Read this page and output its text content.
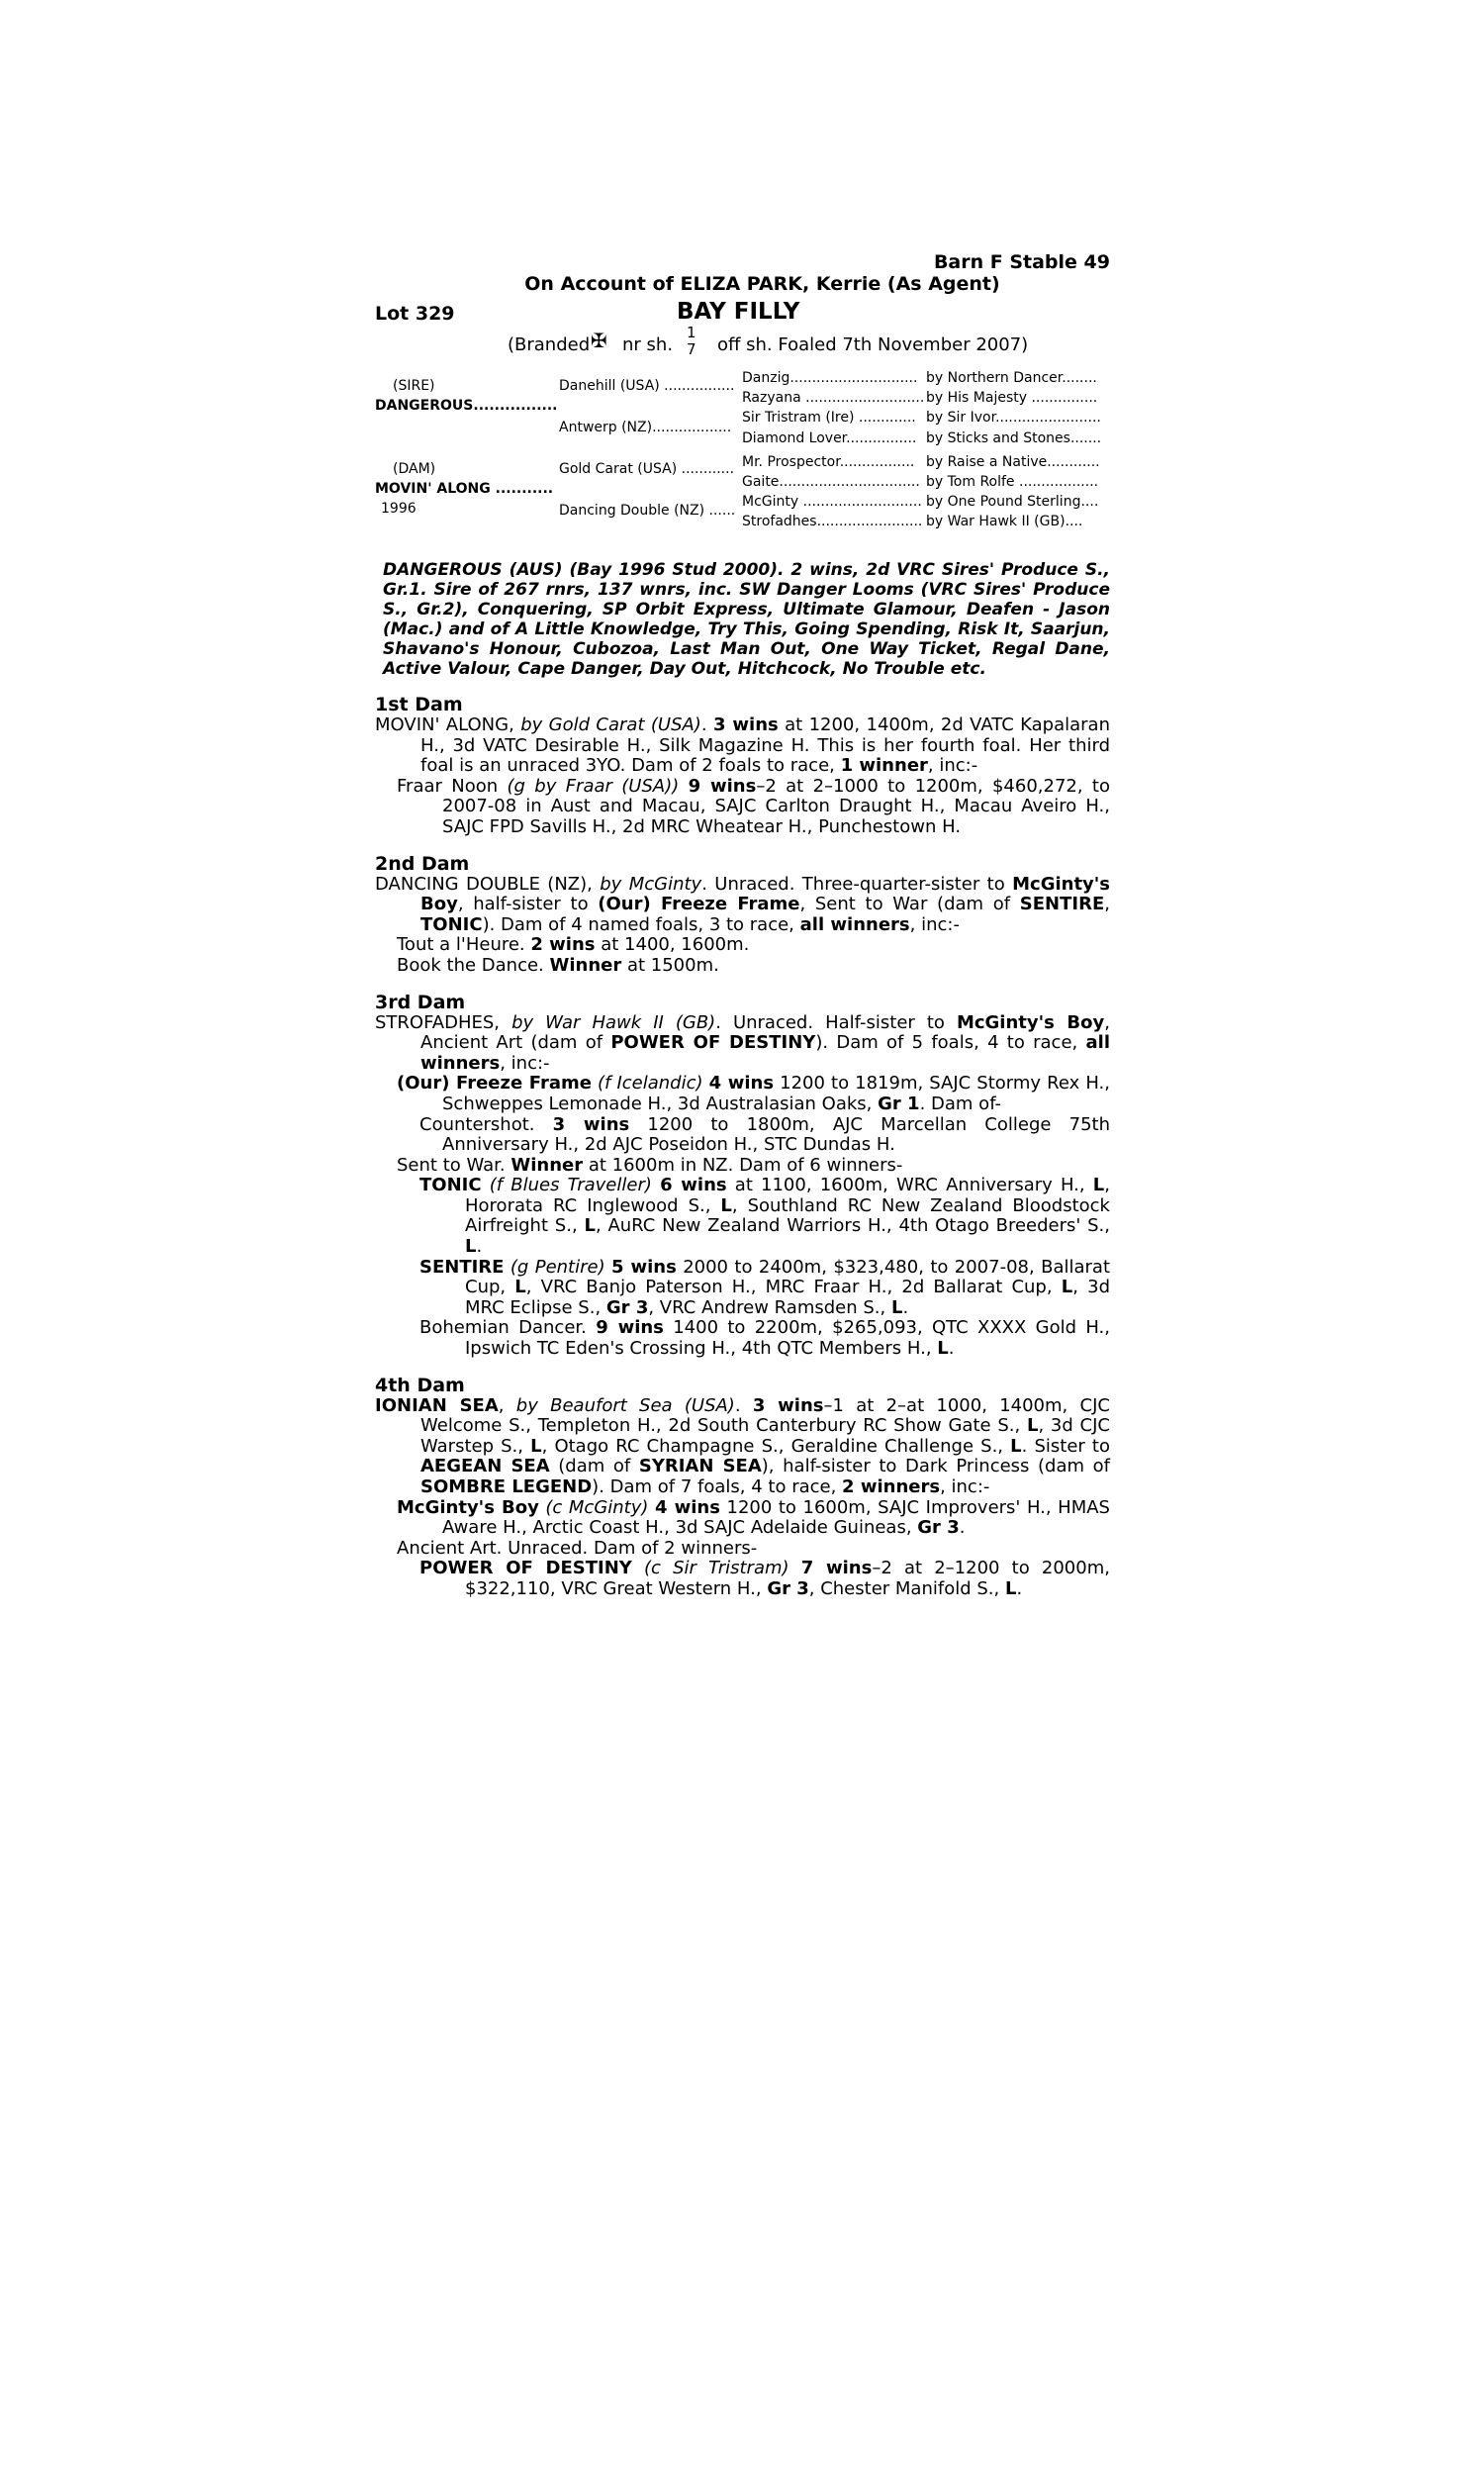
Barn F Stable 49
On Account of ELIZA PARK, Kerrie (As Agent)
Lot 329	BAY FILLY
(Branded ✠ nr sh.
1
7 off sh. Foaled 7th November 2007)
(SIRE)
DANGEROUS................
(DAM)
MOVIN' ALONG ...........
1996
Danehill (USA) ................
Antwerp (NZ)..................
Gold Carat (USA) ............
Dancing Double (NZ) ......
Danzig.............................
Razyana ...........................
Sir Tristram (Ire) .............
Diamond Lover................
Mr. Prospector.................
Gaite................................
McGinty ...........................
Strofadhes........................
by Northern Dancer........
by His Majesty ...............
by Sir Ivor........................
by Sticks and Stones.......
by Raise a Native............
by Tom Rolfe ..................
by One Pound Sterling....
by War Hawk II (GB)....
DANGEROUS (AUS) (Bay 1996 Stud 2000). 2 wins, 2d VRC Sires' Produce S., Gr.1. Sire of 267 rnrs, 137 wnrs, inc. SW Danger Looms (VRC Sires' Produce S., Gr.2), Conquering, SP Orbit Express, Ultimate Glamour, Deafen - Jason (Mac.) and of A Little Knowledge, Try This, Going Spending, Risk It, Saarjun, Shavano's Honour, Cubozoa, Last Man Out, One Way Ticket, Regal Dane, Active Valour, Cape Danger, Day Out, Hitchcock, No Trouble etc.
1st Dam
MOVIN' ALONG, by Gold Carat (USA). 3 wins at 1200, 1400m, 2d VATC Kapalaran H., 3d VATC Desirable H., Silk Magazine H. This is her fourth foal. Her third foal is an unraced 3YO. Dam of 2 foals to race, 1 winner, inc:-
Fraar Noon (g by Fraar (USA)) 9 wins–2 at 2–1000 to 1200m, $460,272, to 2007-08 in Aust and Macau, SAJC Carlton Draught H., Macau Aveiro H., SAJC FPD Savills H., 2d MRC Wheatear H., Punchestown H.
2nd Dam
DANCING DOUBLE (NZ), by McGinty. Unraced. Three-quarter-sister to McGinty's Boy, half-sister to (Our) Freeze Frame, Sent to War (dam of SENTIRE, TONIC). Dam of 4 named foals, 3 to race, all winners, inc:-
Tout a l'Heure. 2 wins at 1400, 1600m.
Book the Dance. Winner at 1500m.
3rd Dam
STROFADHES, by War Hawk II (GB). Unraced. Half-sister to McGinty's Boy, Ancient Art (dam of POWER OF DESTINY). Dam of 5 foals, 4 to race, all winners, inc:-
(Our) Freeze Frame (f Icelandic) 4 wins 1200 to 1819m, SAJC Stormy Rex H., Schweppes Lemonade H., 3d Australasian Oaks, Gr 1. Dam of-
Countershot. 3 wins 1200 to 1800m, AJC Marcellan College 75th Anniversary H., 2d AJC Poseidon H., STC Dundas H.
Sent to War. Winner at 1600m in NZ. Dam of 6 winners-
TONIC (f Blues Traveller) 6 wins at 1100, 1600m, WRC Anniversary H., L, Hororata RC Inglewood S., L, Southland RC New Zealand Bloodstock Airfreight S., L, AuRC New Zealand Warriors H., 4th Otago Breeders' S., L.
SENTIRE (g Pentire) 5 wins 2000 to 2400m, $323,480, to 2007-08, Ballarat Cup, L, VRC Banjo Paterson H., MRC Fraar H., 2d Ballarat Cup, L, 3d MRC Eclipse S., Gr 3, VRC Andrew Ramsden S., L.
Bohemian Dancer. 9 wins 1400 to 2200m, $265,093, QTC XXXX Gold H., Ipswich TC Eden's Crossing H., 4th QTC Members H., L.
4th Dam
IONIAN SEA, by Beaufort Sea (USA). 3 wins–1 at 2–at 1000, 1400m, CJC Welcome S., Templeton H., 2d South Canterbury RC Show Gate S., L, 3d CJC Warstep S., L, Otago RC Champagne S., Geraldine Challenge S., L. Sister to AEGEAN SEA (dam of SYRIAN SEA), half-sister to Dark Princess (dam of SOMBRE LEGEND). Dam of 7 foals, 4 to race, 2 winners, inc:-
McGinty's Boy (c McGinty) 4 wins 1200 to 1600m, SAJC Improvers' H., HMAS Aware H., Arctic Coast H., 3d SAJC Adelaide Guineas, Gr 3.
Ancient Art. Unraced. Dam of 2 winners-
POWER OF DESTINY (c Sir Tristram) 7 wins–2 at 2–1200 to 2000m, $322,110, VRC Great Western H., Gr 3, Chester Manifold S., L.
